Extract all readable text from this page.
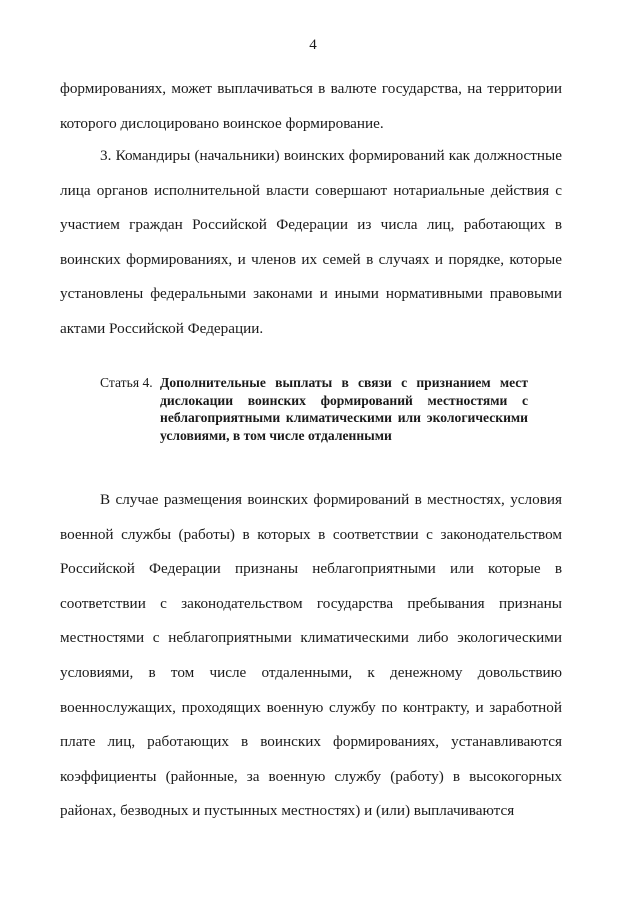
4

формированиях, может выплачиваться в валюте государства, на территории которого дислоцировано воинское формирование.

3. Командиры (начальники) воинских формирований как должностные лица органов исполнительной власти совершают нотариальные действия с участием граждан Российской Федерации из числа лиц, работающих в воинских формированиях, и членов их семей в случаях и порядке, которые установлены федеральными законами и иными нормативными правовыми актами Российской Федерации.

Статья 4. Дополнительные выплаты в связи с признанием мест дислокации воинских формирований местностями с неблагоприятными климатическими или экологическими условиями, в том числе отдаленными

В случае размещения воинских формирований в местностях, условия военной службы (работы) в которых в соответствии с законодательством Российской Федерации признаны неблагоприятными или которые в соответствии с законодательством государства пребывания признаны местностями с неблагоприятными климатическими либо экологическими условиями, в том числе отдаленными, к денежному довольствию военнослужащих, проходящих военную службу по контракту, и заработной плате лиц, работающих в воинских формированиях, устанавливаются коэффициенты (районные, за военную службу (работу) в высокогорных районах, безводных и пустынных местностях) и (или) выплачиваются
